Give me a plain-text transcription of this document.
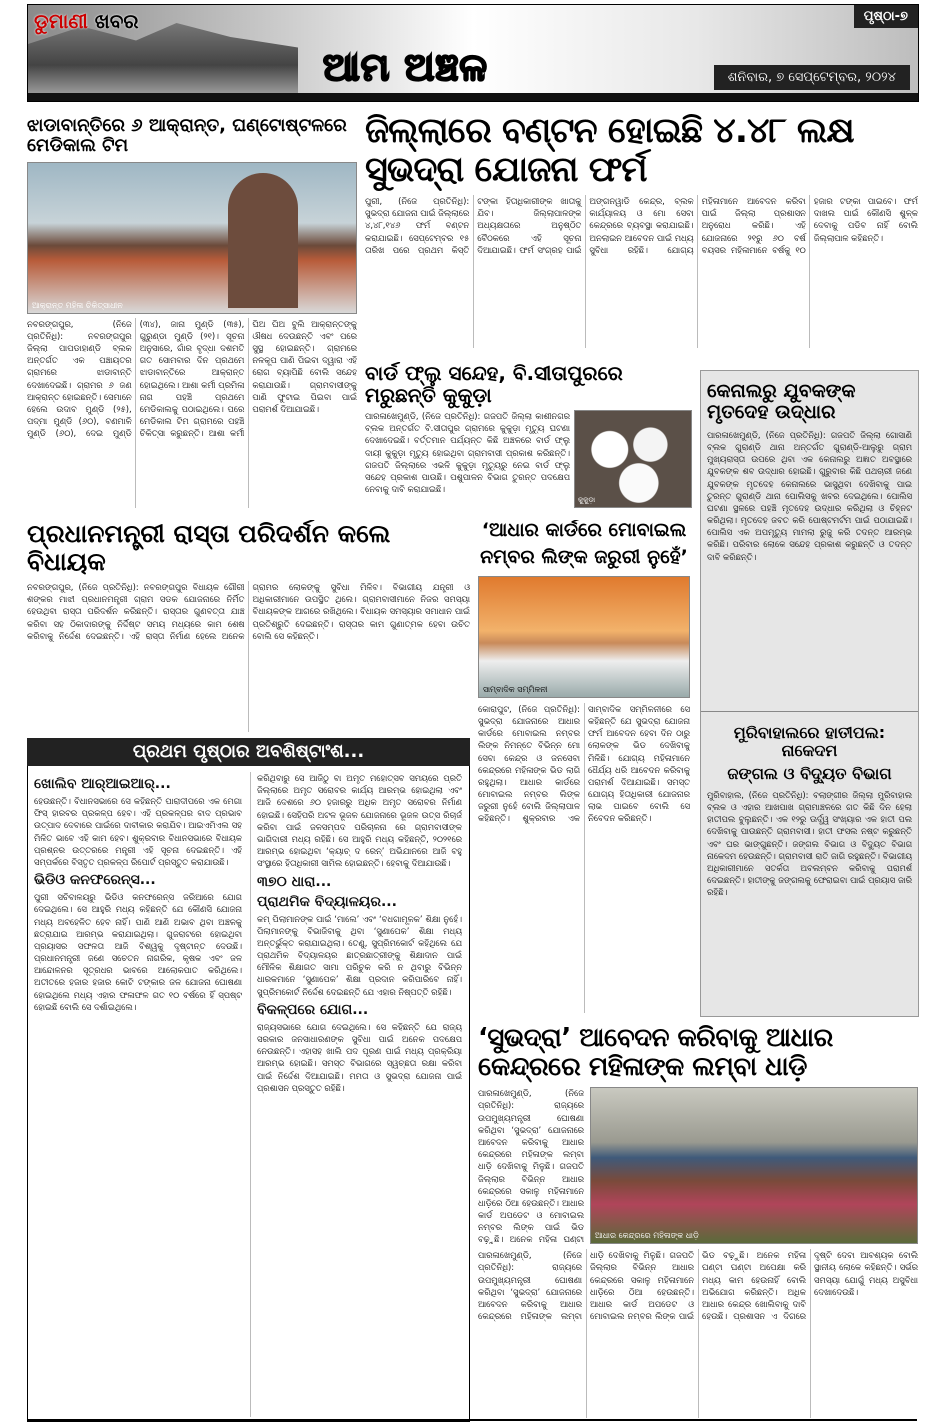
ଡୁମାଣୀ ଖବର
ଆମ ଅଞ୍ଚଳ
ପୃଷ୍ଠା-୭
ଶନିବାର, ୭ ସେପ୍ଟେମ୍ବର, ୨୦୨୪
ଝାଡାବାନ୍ତିରେ ୬ ଆକ୍ରାନ୍ତ, ଘଣ୍ଟୋଷ୍ଟଳରେ ମେଡିକାଲ ଟିମ
ଆକ୍ରାନ୍ତ ମହିଳା ଚିକିତ୍ସାଧୀନ
ନବରଙ୍ଗପୁର, (ନିଜେ ପ୍ରତିନିଧି): ନବରଙ୍ଗପୁର ଜିଲ୍ଲା ପାପଡାହାଣ୍ଡି ବ୍ଲକ ଅନ୍ତର୍ଗତ ଏକ ପଞ୍ଚାୟତର ଗ୍ରାମରେ ଝାଡାବାନ୍ତି ଦେଖାଦେଇଛି। ଗ୍ରାମର ୬ ଜଣ ଆକ୍ରାନ୍ତ ହୋଇଛନ୍ତି। ସେମାନେ ହେଲେ ଉଦାବ ମୁଣ୍ଡି (୨୫), ପଦ୍ମା ମୁଣ୍ଡି (୬୦), ବଣମାଳି ମୁଣ୍ଡି (୬୦), ଦେଇ ମୁଣ୍ଡି (୩୪), ଜାନା ମୁଣ୍ଡି (୩୫), ଗୁରୁଣ୍ଡା ମୁଣ୍ଡି (୨୧)। ସୂଚନା ଅନୁସାରେ, ଗାଁର ବୃଦ୍ଧା ଦଶମତି ଗତ ସୋମବାର ଦିନ ପ୍ରଥମେ ଝାଡାବାନ୍ତିରେ ଆକ୍ରାନ୍ତ ହୋଇଥିଲେ। ଆଶା କର୍ମୀ ପ୍ରମିଳା ନାଗ ପହଞ୍ଚି ପ୍ରଥମେ ମେଡିକାଲକୁ ପଠାଇଥିଲେ। ପରେ ମେଡିକାଲ ଟିମ ଗ୍ରାମରେ ପହଞ୍ଚି ଚିକିତ୍ସା କରୁଛନ୍ତି। ଆଶା କର୍ମୀ ଘିଅ ଘିଅ ବୁଲି ଆକ୍ରାନ୍ତଙ୍କୁ ଔଷଧ ଦେଉଛନ୍ତି ଏବଂ ପରେ ସୁସ୍ଥ ହୋଇଛନ୍ତି। ଗ୍ରାମରେ ନଳକୂପ ପାଣି ପିଇବା ଦ୍ୱାରା ଏହି ରୋଗ ବ୍ୟାପିଛି ବୋଲି ସନ୍ଦେହ କରାଯାଉଛି। ଗ୍ରାମବାସୀଙ୍କୁ ପାଣି ଫୁଟାଇ ପିଇବା ପାଇଁ ପରାମର୍ଶ ଦିଆଯାଇଛି।
ଜିଲ୍ଲାରେ ବଣ୍ଟନ ହୋଇଛି ୪.୪୮ ଲକ୍ଷ ସୁଭଦ୍ରା ଯୋଜନା ଫର୍ମ
ପୁରୀ, (ନିଜେ ପ୍ରତିନିଧି): ସୁଭଦ୍ରା ଯୋଜନା ପାଇଁ ଜିଲ୍ଲାରେ ୪,୪୮,୧୪୬ ଫର୍ମ ବଣ୍ଟନ କରାଯାଇଛି। ସେପ୍ଟେମ୍ବର ୧୫ ତାରିଖ ପରେ ପ୍ରଥମ କିସ୍ତି ଟଙ୍କା ହିତାଧିକାରୀଙ୍କ ଖାତାକୁ ଯିବ। ଜିଲ୍ଲାପାଳଙ୍କ ଅଧ୍ୟକ୍ଷତାରେ ଅନୁଷ୍ଠିତ ବୈଠକରେ ଏହି ସୂଚନା ଦିଆଯାଇଛି। ଫର୍ମ ସଂଗ୍ରହ ପାଇଁ ଅଙ୍ଗନୱାଡି କେନ୍ଦ୍ର, ବ୍ଲକ କାର୍ଯ୍ୟାଳୟ ଓ ମୋ ସେବା କେନ୍ଦ୍ରରେ ବ୍ୟବସ୍ଥା କରାଯାଇଛି। ଅନଲାଇନ ଆବେଦନ ପାଇଁ ମଧ୍ୟ ସୁବିଧା ରହିଛି। ଯୋଗ୍ୟ ମହିଳାମାନେ ଆବେଦନ କରିବା ପାଇଁ ଜିଲ୍ଲା ପ୍ରଶାସନ ଅନୁରୋଧ କରିଛି। ଏହି ଯୋଜନାରେ ୨୧ରୁ ୬୦ ବର୍ଷ ବୟସର ମହିଳାମାନେ ବର୍ଷକୁ ୧୦ ହଜାର ଟଙ୍କା ପାଇବେ। ଫର୍ମ ଦାଖଲ ପାଇଁ କୌଣସି ଶୁଳ୍କ ଦେବାକୁ ପଡିବ ନାହିଁ ବୋଲି ଜିଲ୍ଲାପାଳ କହିଛନ୍ତି।
ବାର୍ଡ ଫ୍ଲୁ ସନ୍ଦେହ, ବି.ସୀତାପୁରରେ ମରୁଛନ୍ତି କୁକୁଡ଼ା
ପାରଳାଖେମୁଣ୍ଡି, (ନିଜେ ପ୍ରତିନିଧି): ଗଜପତି ଜିଲ୍ଲା କାଶୀନଗର ବ୍ଲକ ଅନ୍ତର୍ଗତ ବି.ସୀତାପୁର ଗ୍ରାମରେ କୁକୁଡ଼ା ମୃତ୍ୟୁ ଘଟଣା ଦେଖାଦେଇଛି। ବର୍ତ୍ତମାନ ପର୍ଯ୍ୟନ୍ତ କିଛି ଅଞ୍ଚଳରେ ବାର୍ଡ ଫ୍ଲୁ ଦାୟୀ କୁକୁଡ଼ା ମୃତ୍ୟୁ ହୋଇଥିବା ଗ୍ରାମବାସୀ ପ୍ରକାଶ କରିଛନ୍ତି। ଗଜପତି ଜିଲ୍ଲାରେ ଏଭଳି କୁକୁଡ଼ା ମୃତ୍ୟୁରୁ ନେଇ ବାର୍ଡ ଫ୍ଲୁ ସନ୍ଦେହ ପ୍ରକାଶ ପାଉଛି। ପଶୁପାଳନ ବିଭାଗ ତୁରନ୍ତ ପଦକ୍ଷେପ ନେବାକୁ ଦାବି କରାଯାଇଛି।
କୁକୁଡ଼ା
କେନାଲରୁ ଯୁବକଙ୍କ ମୃତଦେହ ଉଦ୍ଧାର
ପାରଳାଖେମୁଣ୍ଡି, (ନିଜେ ପ୍ରତିନିଧି): ଗଜପତି ଜିଲ୍ଲା ଗୋସାଣି ବ୍ଲକ ଗୁରାଣ୍ଡି ଥାନା ଅନ୍ତର୍ଗତ ଗୁରାଣ୍ଡି-ଆଲୁରୁ ଗ୍ରାମ ମୁଖ୍ୟରାସ୍ତା ଉପରେ ଥିବା ଏକ କେନାଲରୁ ଅଜ୍ଞାତ ଅବସ୍ଥାରେ ଯୁବକଙ୍କ ଶବ ଉଦ୍ଧାର ହୋଇଛି। ଗୁରୁବାର କିଛି ପଥଚାରୀ ଜଣେ ଯୁବକଙ୍କ ମୃତଦେହ କେନାଲରେ ଭାସୁଥିବା ଦେଖିବାକୁ ପାଇ ତୁରନ୍ତ ଗୁରାଣ୍ଡି ଥାନା ପୋଲିସକୁ ଖବର ଦେଇଥିଲେ। ପୋଲିସ ଘଟଣା ସ୍ଥଳରେ ପହଞ୍ଚି ମୃତଦେହ ଉଦ୍ଧାର କରିଥିଲା ଓ ଚିହ୍ନଟ କରିଥିଲା। ମୃତଦେହ ଜବତ କରି ପୋଷ୍ଟମର୍ଟମ ପାଇଁ ପଠାଯାଇଛି। ପୋଲିସ ଏକ ଅପମୃତ୍ୟୁ ମାମଲା ରୁଜୁ କରି ତଦନ୍ତ ଆରମ୍ଭ କରିଛି। ପରିବାର ଲୋକେ ସନ୍ଦେହ ପ୍ରକାଶ କରୁଛନ୍ତି ଓ ତଦନ୍ତ ଦାବି କରିଛନ୍ତି।
ମୁରିବାହାଲରେ ହାତୀପଲ: ନାକେଦମ
ଜଙ୍ଗଲ ଓ ବିଦ୍ୟୁତ ବିଭାଗ
ମୁରିବାହାଲ, (ନିଜେ ପ୍ରତିନିଧି): ବଲାଙ୍ଗୀର ଜିଲ୍ଲା ମୁରିବାହାଲ ବ୍ଲକ ଓ ଏହାର ଆଖପାଖ ଗ୍ରାମାଞ୍ଚଳରେ ଗତ କିଛି ଦିନ ହେଲା ହାତୀପଲ ବୁଲୁଛନ୍ତି। ଏକ ୧୨ରୁ ଊର୍ଦ୍ଧ୍ୱ ସଂଖ୍ୟାର ଏକ ହାତୀ ପଲ ଦେଖିବାକୁ ପାଉଛନ୍ତି ଗ୍ରାମବାସୀ। ହାତୀ ଫସଲ ନଷ୍ଟ କରୁଛନ୍ତି ଏବଂ ଘର ଭାଙ୍ଗୁଛନ୍ତି। ଜଙ୍ଗଲ ବିଭାଗ ଓ ବିଦ୍ୟୁତ ବିଭାଗ ନାକେଦମ ହେଉଛନ୍ତି। ଗ୍ରାମବାସୀ ରାତି ଜାଗି ରହୁଛନ୍ତି। ବିଭାଗୀୟ ଅଧିକାରୀମାନେ ସତର୍କତା ଅବଲମ୍ବନ କରିବାକୁ ପରାମର୍ଶ ଦେଇଛନ୍ତି। ହାତୀଙ୍କୁ ଜଙ୍ଗଲକୁ ଫେରାଇବା ପାଇଁ ପ୍ରୟାସ ଜାରି ରହିଛି।
ପ୍ରଧାନମନ୍ତ୍ରୀ ରାସ୍ତା ପରିଦର୍ଶନ କଲେ ବିଧାୟକ
ନବରଙ୍ଗପୁର, (ନିଜେ ପ୍ରତିନିଧି): ନବରଙ୍ଗପୁର ବିଧାୟକ ଗୌରୀ ଶଙ୍କର ମାଝୀ ପ୍ରଧାନମନ୍ତ୍ରୀ ଗ୍ରାମ ସଡକ ଯୋଜନାରେ ନିର୍ମିତ ହେଉଥିବା ରାସ୍ତା ପରିଦର୍ଶନ କରିଛନ୍ତି। ରାସ୍ତାର ଗୁଣବତ୍ତା ଯାଞ୍ଚ କରିବା ସହ ଠିକାଦାରଙ୍କୁ ନିର୍ଦ୍ଦିଷ୍ଟ ସମୟ ମଧ୍ୟରେ କାମ ଶେଷ କରିବାକୁ ନିର୍ଦ୍ଦେଶ ଦେଇଛନ୍ତି। ଏହି ରାସ୍ତା ନିର୍ମାଣ ହେଲେ ଅନେକ ଗ୍ରାମର ଲୋକଙ୍କୁ ସୁବିଧା ମିଳିବ। ବିଭାଗୀୟ ଯନ୍ତ୍ରୀ ଓ ଅଧିକାରୀମାନେ ଉପସ୍ଥିତ ଥିଲେ। ଗ୍ରାମବାସୀମାନେ ନିଜର ସମସ୍ୟା ବିଧାୟକଙ୍କ ଆଗରେ ରଖିଥିଲେ। ବିଧାୟକ ସମସ୍ୟାର ସମାଧାନ ପାଇଁ ପ୍ରତିଶ୍ରୁତି ଦେଇଛନ୍ତି। ରାସ୍ତାର କାମ ଗୁଣାତ୍ମକ ହେବା ଉଚିତ ବୋଲି ସେ କହିଛନ୍ତି।
‘ଆଧାର କାର୍ଡରେ ମୋବାଇଲ
ନମ୍ବର ଲିଙ୍କ ଜରୁରୀ ନୁହେଁ’
ସାମ୍ବାଦିକ ସମ୍ମିଳନୀ
କୋରାପୁଟ, (ନିଜେ ପ୍ରତିନିଧି): ସୁଭଦ୍ରା ଯୋଜନାରେ ଆଧାର କାର୍ଡରେ ମୋବାଇଲ ନମ୍ବର ଲିଙ୍କ ନିମନ୍ତେ ବିଭିନ୍ନ ମୋ ସେବା କେନ୍ଦ୍ର ଓ ଜନସେବା କେନ୍ଦ୍ରରେ ମହିଳାଙ୍କ ଭିଡ ଲାଗି ରହୁଥିଲା। ଆଧାର କାର୍ଡରେ ମୋବାଇଲ ନମ୍ବର ଲିଙ୍କ ଜରୁରୀ ନୁହେଁ ବୋଲି ଜିଲ୍ଲାପାଳ କହିଛନ୍ତି। ଶୁକ୍ରବାର ଏକ ସାମ୍ବାଦିକ ସମ୍ମିଳନୀରେ ସେ କହିଛନ୍ତି ଯେ ସୁଭଦ୍ରା ଯୋଜନା ଫର୍ମ ଆବେଦନ ହେବା ଦିନ ଠାରୁ ଲୋକଙ୍କ ଭିଡ ଦେଖିବାକୁ ମିଳିଛି। ଯୋଗ୍ୟ ମହିଳାମାନେ ଧୈର୍ଯ୍ୟ ଧରି ଆବେଦନ କରିବାକୁ ପରାମର୍ଶ ଦିଆଯାଇଛି। ସମସ୍ତ ଯୋଗ୍ୟ ହିତାଧିକାରୀ ଯୋଜନାର ଲାଭ ପାଇବେ ବୋଲି ସେ ନିବେଦନ କରିଛନ୍ତି।
ପ୍ରଥମ ପୃଷ୍ଠାର ଅବଶିଷ୍ଟାଂଶ...
ଖୋଲିବ ଆର୍‌ଆଇଆର୍...
ହେଉଛନ୍ତି। ବିଧାନସଭାରେ ସେ କହିଛନ୍ତି ପାରାଦୀପରେ ଏକ ମେଗା ଫିସ୍ ହାରବର ପ୍ରକଳ୍ପ ହେବ। ଏହି ପ୍ରକଳ୍ପର ବାଦ ପ୍ରଭାବ ଉତ୍ପାଦ ଦେବାରେ ପାଇଁରେ ଦାବୀକାର କରାଯିବ। ଆଇଏମିଏଲ ସହ ମିଳିତ ଭାବେ ଏହି କାମ ହେବ। ଶୁକ୍ରବାର ବିଧାନସଭାରେ ବିଧାୟକ ପ୍ରଶ୍ନର ଉତ୍ତରରେ ମନ୍ତ୍ରୀ ଏହି ସୂଚନା ଦେଇଛନ୍ତି। ଏହି ସମ୍ପର୍କରେ ବିସ୍ତୃତ ପ୍ରକଳ୍ପ ରିପୋର୍ଟ ପ୍ରସ୍ତୁତ କରାଯାଉଛି।
ଭିଡିଓ କନଫରେନ୍ସ...
ପୁରୀ ସଚିବାଳୟରୁ ଭିଡିଓ କନଫରେନ୍ସ ଜରିଆରେ ଯୋଗ ଦେଇଥିଲେ। ସେ ଆହୁରି ମଧ୍ୟ କହିଛନ୍ତି ଯେ କୌଣସି ଯୋଜନା ମଧ୍ୟ ଅବହେଳିତ ହେବ ନାହିଁ। ପାଣି ଆଣି ଅଭାବ ଥିବା ଅଞ୍ଚଳକୁ ଛତ୍ରାଯାଇ ଆରମ୍ଭ କରାଯାଇଥିଲା। ଗୁଜରାଟରେ ହୋଇଥିବା ପ୍ରୟାସର ସଫଳତା ଆଜି ବିଶ୍ୱକୁ ଦୃଷ୍ଟାନ୍ତ ଦେଉଛି। ପ୍ରଧାନମନ୍ତ୍ରୀ ଜଣେ ସଚେତନ ନାଗରିକ, କୃଷକ ଏବଂ ଜଳ ଆନ୍ଦୋଳନର ସୂତ୍ରଧର ଭାବରେ ଆଲୋକପାତ କରିଥିଲେ। ଅତୀତରେ ହଜାର ହଜାର କୋଟି ଟଙ୍କାର ଜଳ ଯୋଜନା ଘୋଷଣା ହୋଇଥିଲେ ମଧ୍ୟ ଏହାର ଫଳାଫଳ ଗତ ୧୦ ବର୍ଷରେ ହିଁ ସ୍ପଷ୍ଟ ହୋଇଛି ବୋଲି ସେ ଦର୍ଶାଇଥିଲେ।
କରିଥିବାରୁ ସେ ଆଜିଠୁ ବା ଅମୃତ ମହୋତ୍ସବ ସମୟରେ ପ୍ରତି ଜିଲ୍ଲାରେ ଅମୃତ ସରୋବର କାର୍ଯ୍ୟ ଆରମ୍ଭ ହୋଇଥିଲା ଏବଂ ଆଜି ଦେଶରେ ୬୦ ହଜାରରୁ ଅଧିକ ଅମୃତ ସରୋବର ନିର୍ମାଣ ହୋଇଛି। ସେହିପରି ଅଟଳ ଭୂଜଳ ଯୋଜନାରେ ଭୂଜଳ ଉତ୍ସ ରିଚାର୍ଜ କରିବା ପାଇଁ ଜଳସମ୍ପଦ ପରିଚାଳନା ରେ ଗ୍ରାମବାସୀଙ୍କ ଭାଗିଦାରୀ ମଧ୍ୟ ରହିଛି। ସେ ଆହୁରି ମଧ୍ୟ କହିଛନ୍ତି, ୨୦୨୧ରେ ଆରମ୍ଭ ହୋଇଥିବା ‘କ୍ୟାଚ୍ ଦ ରେନ୍’ ଅଭିଯାନରେ ଆଜି ବହୁ ସଂସ୍ଥାରେ ହିତାଧିକାରୀ ସାମିଲ ହୋଇଛନ୍ତି। ହେବାକୁ ଦିଆଯାଉଛି।
୩୭୦ ଧାରା...
ପ୍ରାଥମିକ ବିଦ୍ୟାଳୟର...
କମ୍ ପିଲାମାନଙ୍କ ପାଇଁ ‘ମାଲେ’ ଏବଂ ‘ବଧଗାମୂଳକ’ ଶିକ୍ଷା ନୁହେଁ। ପିଲାମାନଙ୍କୁ ବିଭାଜିବାକୁ ଥିବା ‘ସୁଣାପେକ’ ଶିକ୍ଷା ମଧ୍ୟ ଅନ୍ତର୍ଭୁକ୍ତ କରାଯାଇଥିଲା। ତେଣୁ, ସୁପ୍ରିମକୋର୍ଟ କହିଥିଲେ ଯେ ପ୍ରାଥମିକ ବିଦ୍ୟାଳୟର ଛାତ୍ରଛାତ୍ରୀଙ୍କୁ ଶିକ୍ଷାଦାନ ପାଇଁ ମୌଳିକ ଶିକ୍ଷାଗତ ସାମା ପରିଚୁକ କରି ନ ଥିବାରୁ ବିଭିନ୍ନ ଧାରକମାନେ ‘ସୁଣାପେକ’ ଶିକ୍ଷା ପ୍ରଦାନ କରିପାରିବେ ନାହିଁ। ସୁପ୍ରିମକୋର୍ଟ ନିର୍ଦ୍ଦେଶ ଦେଇଛନ୍ତି ଯେ ଏହାର ନିଷ୍ପତ୍ତି ରହିଛି।
ବିକଳ୍ପରେ ଯୋଗ...
ରାଜ୍ୟସଭାରେ ଯୋଗ ଦେଇଥିଲେ। ସେ କହିଛନ୍ତି ଯେ ରାଜ୍ୟ ସରକାର ଜନସାଧାରଣଙ୍କ ସୁବିଧା ପାଇଁ ଅନେକ ପଦକ୍ଷେପ ନେଉଛନ୍ତି। ଏହାସହ ଖାଲି ପଦ ପୂରଣ ପାଇଁ ମଧ୍ୟ ପ୍ରକ୍ରିୟା ଆରମ୍ଭ ହୋଇଛି। ସମସ୍ତ ବିଭାଗରେ ସ୍ୱଚ୍ଛତା ରକ୍ଷା କରିବା ପାଇଁ ନିର୍ଦ୍ଦେଶ ଦିଆଯାଇଛି। ମମତା ଓ ସୁଭଦ୍ରା ଯୋଜନା ପାଇଁ ପ୍ରଶାସନ ପ୍ରସ୍ତୁତ ରହିଛି।
‘ସୁଭଦ୍ରା’ ଆବେଦନ କରିବାକୁ ଆଧାର କେନ୍ଦ୍ରରେ ମହିଳାଙ୍କ ଲମ୍ବା ଧାଡ଼ି
ପାରଳାଖେମୁଣ୍ଡି, (ନିଜେ ପ୍ରତିନିଧି): ରାଜ୍ୟରେ ଉପମୁଖ୍ୟମନ୍ତ୍ରୀ ଘୋଷଣା କରିଥିବା ‘ସୁଭଦ୍ରା’ ଯୋଜନାରେ ଆବେଦନ କରିବାକୁ ଆଧାର କେନ୍ଦ୍ରରେ ମହିଳାଙ୍କ ଲମ୍ବା ଧାଡ଼ି ଦେଖିବାକୁ ମିଳୁଛି। ଗଜପତି ଜିଲ୍ଲାର ବିଭିନ୍ନ ଆଧାର କେନ୍ଦ୍ରରେ ସକାଳୁ ମହିଳାମାନେ ଧାଡ଼ିରେ ଠିଆ ହେଉଛନ୍ତି। ଆଧାର କାର୍ଡ ଅପଡେଟ ଓ ମୋବାଇଲ ନମ୍ବର ଲିଙ୍କ ପାଇଁ ଭିଡ ବଢ଼ୁଛି। ଅନେକ ମହିଳା ଘଣ୍ଟା ଆଧାର କେନ୍ଦ୍ରରେ ମହିଳାଙ୍କ ଧାଡ଼ି
ପାରଳାଖେମୁଣ୍ଡି, (ନିଜେ ପ୍ରତିନିଧି): ରାଜ୍ୟରେ ଉପମୁଖ୍ୟମନ୍ତ୍ରୀ ଘୋଷଣା କରିଥିବା ‘ସୁଭଦ୍ରା’ ଯୋଜନାରେ ଆବେଦନ କରିବାକୁ ଆଧାର କେନ୍ଦ୍ରରେ ମହିଳାଙ୍କ ଲମ୍ବା ଧାଡ଼ି ଦେଖିବାକୁ ମିଳୁଛି। ଗଜପତି ଜିଲ୍ଲାର ବିଭିନ୍ନ ଆଧାର କେନ୍ଦ୍ରରେ ସକାଳୁ ମହିଳାମାନେ ଧାଡ଼ିରେ ଠିଆ ହେଉଛନ୍ତି। ଆଧାର କାର୍ଡ ଅପଡେଟ ଓ ମୋବାଇଲ ନମ୍ବର ଲିଙ୍କ ପାଇଁ ଭିଡ ବଢ଼ୁଛି। ଅନେକ ମହିଳା ଘଣ୍ଟା ଘଣ୍ଟା ଅପେକ୍ଷା କରି ମଧ୍ୟ କାମ ହେଉନାହିଁ ବୋଲି ଅଭିଯୋଗ କରିଛନ୍ତି। ଅଧିକ ଆଧାର କେନ୍ଦ୍ର ଖୋଲିବାକୁ ଦାବି ହେଉଛି। ପ୍ରଶାସନ ଏ ଦିଗରେ ଦୃଷ୍ଟି ଦେବା ଆବଶ୍ୟକ ବୋଲି ସ୍ଥାନୀୟ ଲୋକେ କହିଛନ୍ତି। ସର୍ଭର ସମସ୍ୟା ଯୋଗୁଁ ମଧ୍ୟ ଅସୁବିଧା ଦେଖାଦେଉଛି।
